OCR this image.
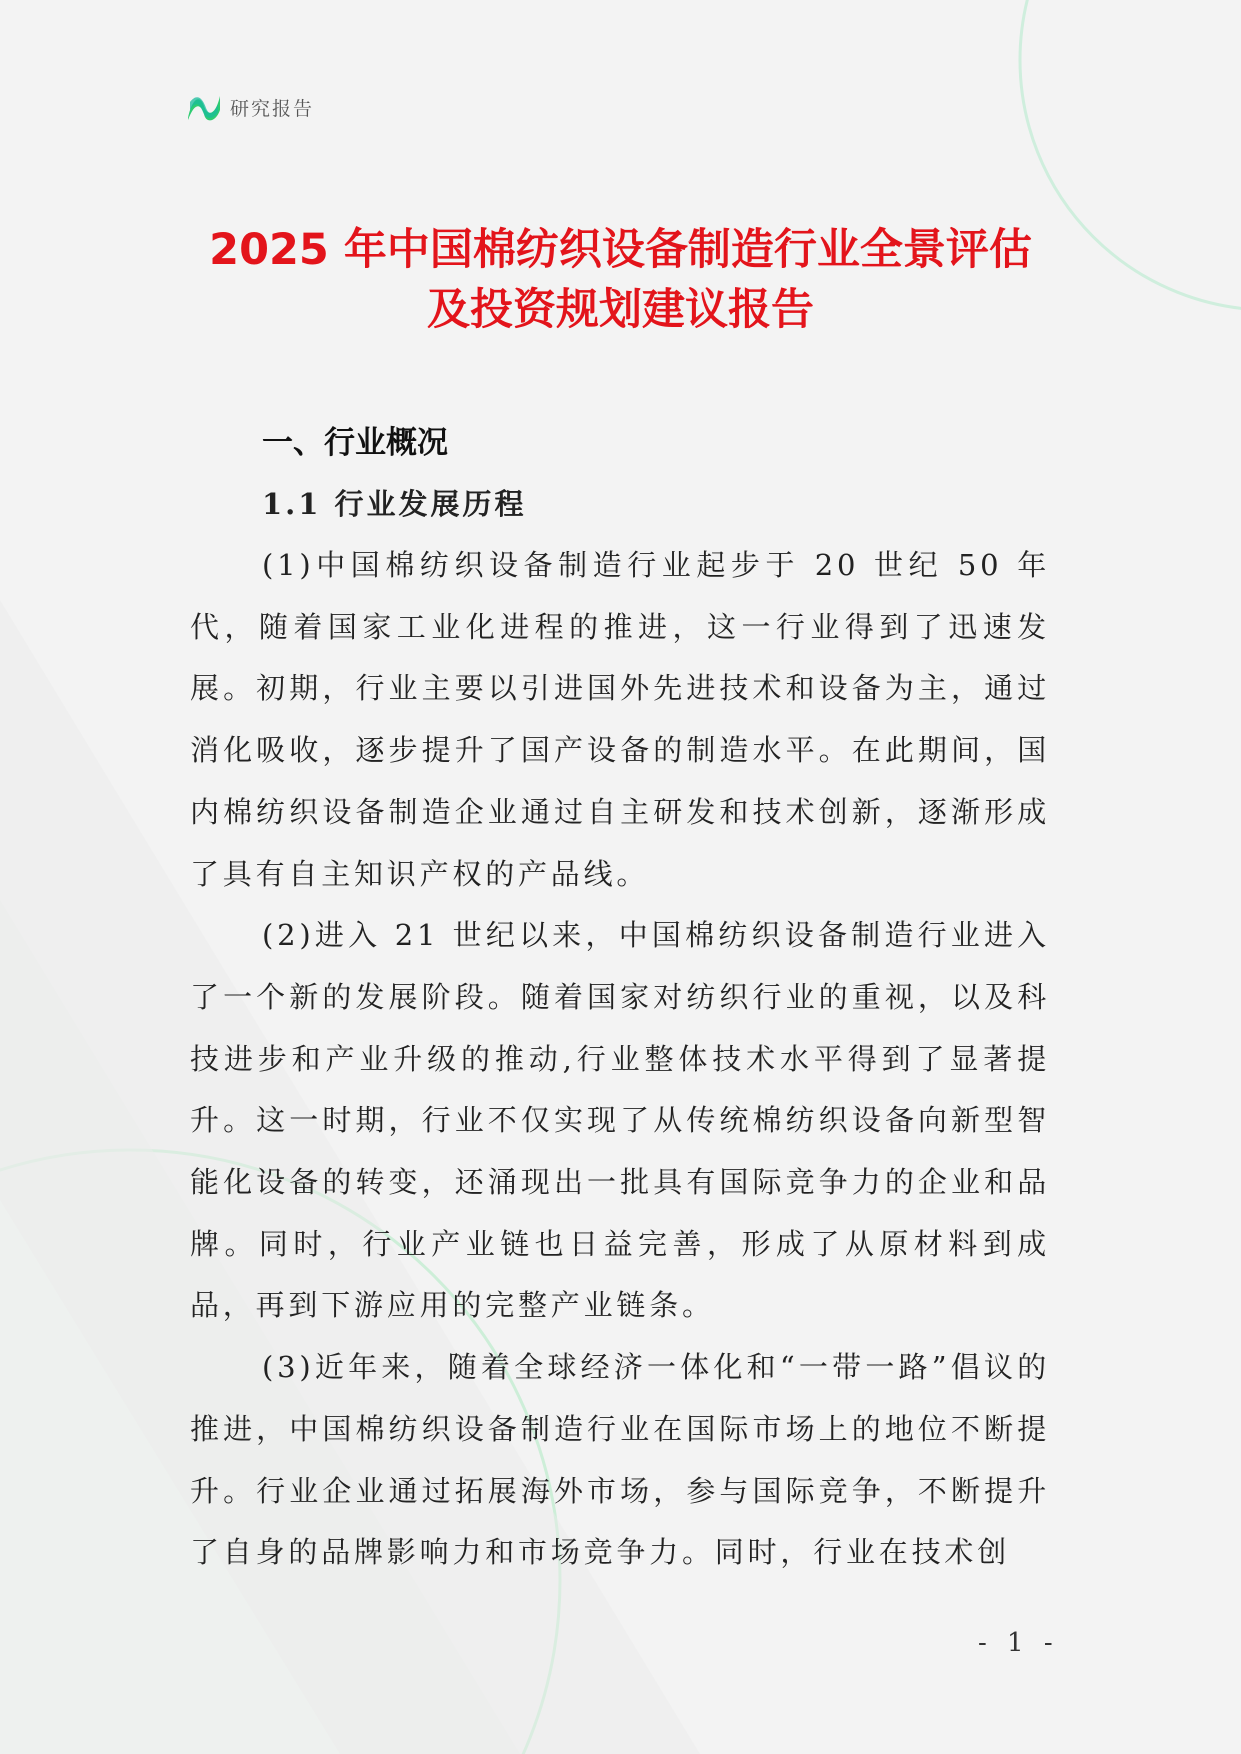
研究报告
2025 年中国棉纺织设备制造行业全景评估
及投资规划建议报告
一、行业概况
1.1 行业发展历程

(1)中国棉纺织设备制造行业起步于 20 世纪 50 年代，随着国家工业化进程的推进，这一行业得到了迅速发展。初期，行业主要以引进国外先进技术和设备为主，通过消化吸收，逐步提升了国产设备的制造水平。在此期间，国内棉纺织设备制造企业通过自主研发和技术创新，逐渐形成了具有自主知识产权的产品线。

(2)进入 21 世纪以来，中国棉纺织设备制造行业进入了一个新的发展阶段。随着国家对纺织行业的重视，以及科技进步和产业升级的推动,行业整体技术水平得到了显著提升。这一时期，行业不仅实现了从传统棉纺织设备向新型智能化设备的转变，还涌现出一批具有国际竞争力的企业和品牌。同时，行业产业链也日益完善，形成了从原材料到成品，再到下游应用的完整产业链条。

(3)近年来，随着全球经济一体化和“一带一路”倡议的推进，中国棉纺织设备制造行业在国际市场上的地位不断提升。行业企业通过拓展海外市场，参与国际竞争，不断提升了自身的品牌影响力和市场竞争力。同时，行业在技术创

- 1 -
